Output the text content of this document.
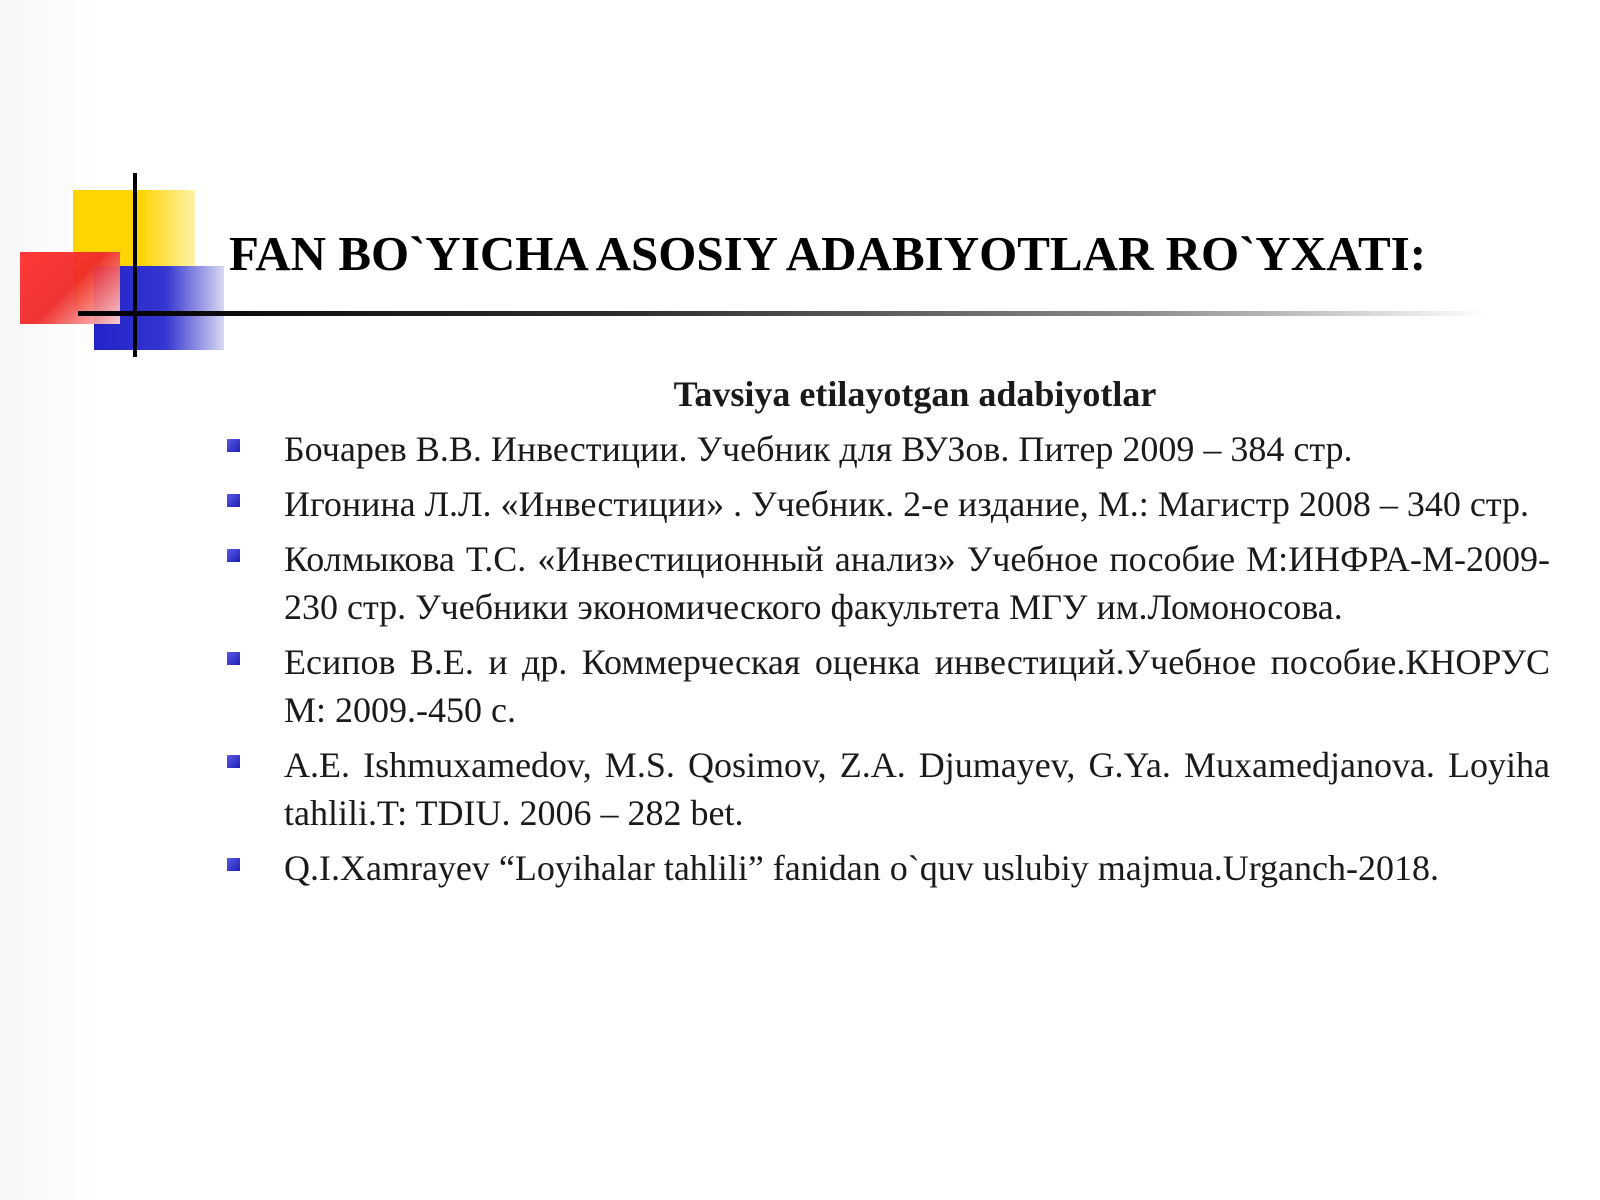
FAN BO`YICHA ASOSIY ADABIYOTLAR RO`YXATI:
Tavsiya etilayotgan adabiyotlar
Бочарев В.В. Инвестиции. Учебник для ВУЗов. Питер 2009 – 384 стр.
Игонина Л.Л. «Инвестиции» . Учебник. 2-е издание, М.: Магистр 2008 – 340 стр.
Колмыкова Т.С. «Инвестиционный анализ» Учебное пособие М:ИНФРА-М-2009-230 стр. Учебники экономического факультета МГУ им.Ломоносова.
Есипов В.Е. и др. Коммерческая оценка инвестиций.Учебное пособие.КНОРУС М: 2009.-450 с.
A.E. Ishmuxamedov, M.S. Qosimov, Z.A. Djumayev, G.Ya. Muxamedjanova. Loyiha tahlili.T: TDIU. 2006 – 282 bet.
Q.I.Xamrayev “Loyihalar tahlili” fanidan o`quv uslubiy majmua.Urganch-2018.
